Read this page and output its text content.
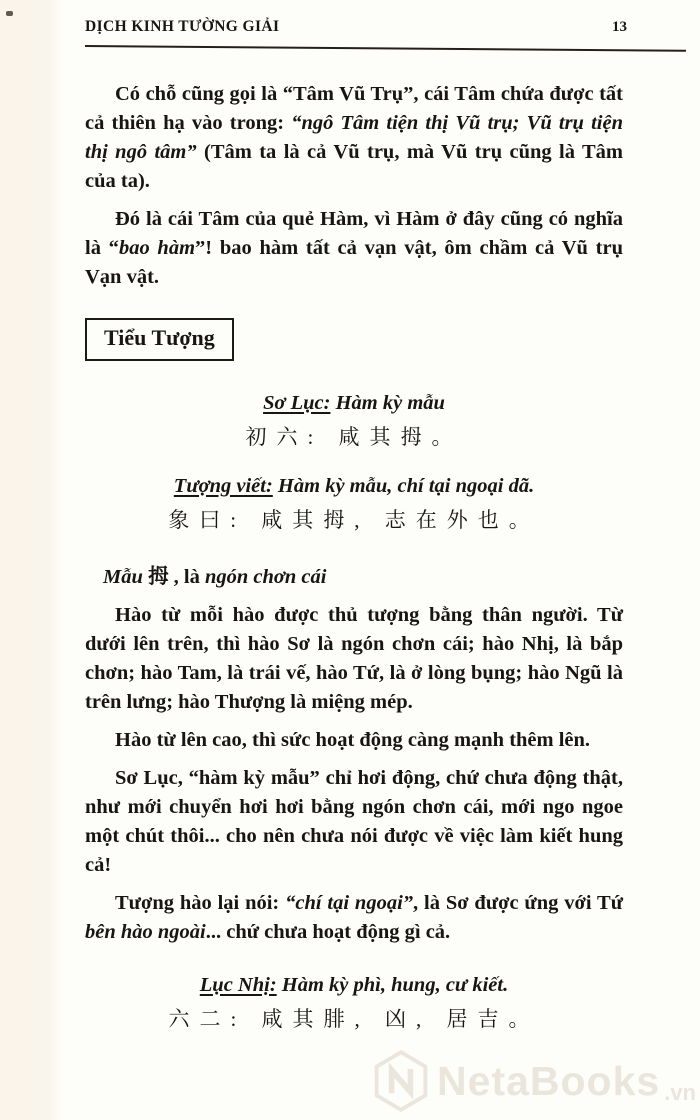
DỊCH KINH TƯỜNG GIẢI	13

Có chỗ cũng gọi là “Tâm Vũ Trụ”, cái Tâm chứa được tất cả thiên hạ vào trong: “ngô Tâm tiện thị Vũ trụ; Vũ trụ tiện thị ngô tâm” (Tâm ta là cả Vũ trụ, mà Vũ trụ cũng là Tâm của ta).

Đó là cái Tâm của quẻ Hàm, vì Hàm ở đây cũng có nghĩa là “bao hàm”! bao hàm tất cả vạn vật, ôm chầm cả Vũ trụ Vạn vật.

Tiểu Tượng

Sơ Lục: Hàm kỳ mẫu

初六: 咸其拇。

Tượng viết: Hàm kỳ mẫu, chí tại ngoại dã.

象曰: 咸其拇, 志在外也。

Mẫu 拇 , là ngón chơn cái

Hào từ mỗi hào được thủ tượng bằng thân người. Từ dưới lên trên, thì hào Sơ là ngón chơn cái; hào Nhị, là bắp chơn; hào Tam, là trái vế, hào Tứ, là ở lòng bụng; hào Ngũ là trên lưng; hào Thượng là miệng mép.

Hào từ lên cao, thì sức hoạt động càng mạnh thêm lên.

Sơ Lục, “hàm kỳ mẫu” chỉ hơi động, chứ chưa động thật, như mới chuyển hơi hơi bằng ngón chơn cái, mới ngo ngoe một chút thôi... cho nên chưa nói được về việc làm kiết hung cả!

Tượng hào lại nói: “chí tại ngoại”, là Sơ được ứng với Tứ bên hào ngoài... chứ chưa hoạt động gì cả.

Lục Nhị: Hàm kỳ phì, hung, cư kiết.

六二: 咸其腓, 凶, 居吉。

NetaBooks .vn
